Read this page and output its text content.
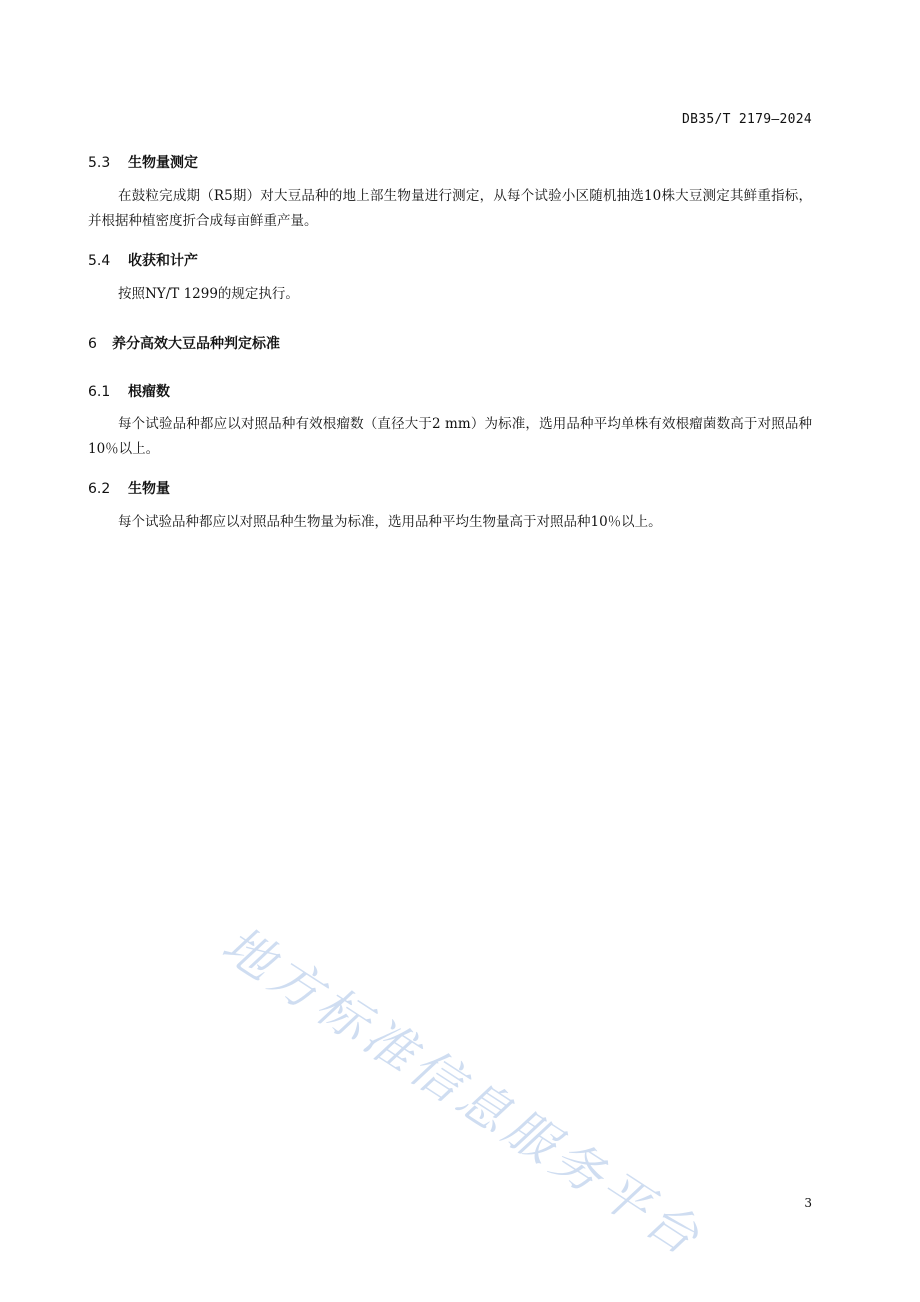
DB35/T 2179—2024
5.3 生物量测定

在鼓粒完成期（R5期）对大豆品种的地上部生物量进行测定，从每个试验小区随机抽选10株大豆测定其鲜重指标，并根据种植密度折合成每亩鲜重产量。

5.4 收获和计产

按照NY/T 1299的规定执行。

6 养分高效大豆品种判定标准
6.1 根瘤数

每个试验品种都应以对照品种有效根瘤数（直径大于2 mm）为标准，选用品种平均单株有效根瘤菌数高于对照品种10％以上。

6.2 生物量

每个试验品种都应以对照品种生物量为标准，选用品种平均生物量高于对照品种10％以上。

地方标准信息服务平台	3
